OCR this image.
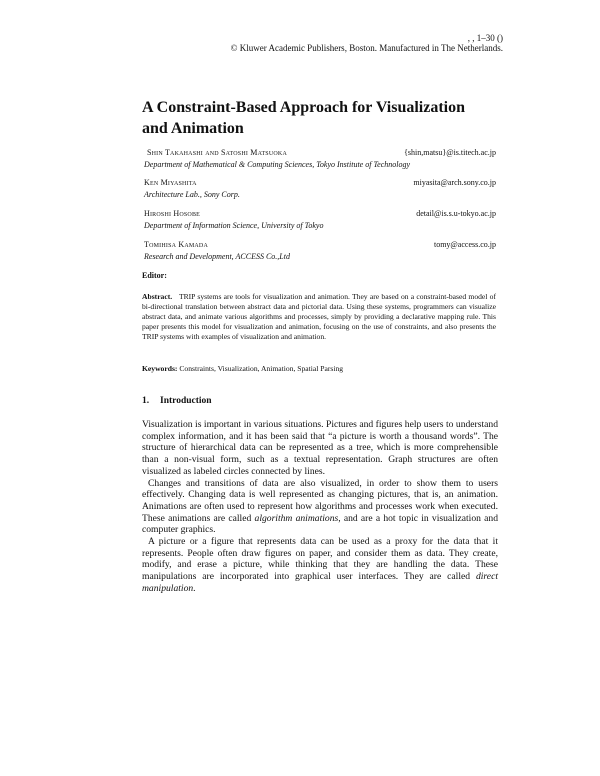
, , 1–30 ()
© Kluwer Academic Publishers, Boston. Manufactured in The Netherlands.
A Constraint-Based Approach for Visualization and Animation
Shin Takahashi and Satoshi Matsuoka	{shin,matsu}@is.titech.ac.jp
Department of Mathematical & Computing Sciences, Tokyo Institute of Technology
Ken Miyashita	miyasita@arch.sony.co.jp
Architecture Lab., Sony Corp.
Hiroshi Hosobe	detail@is.s.u-tokyo.ac.jp
Department of Information Science, University of Tokyo
Tomihisa Kamada	tomy@access.co.jp
Research and Development, ACCESS Co.,Ltd
Editor:
Abstract. TRIP systems are tools for visualization and animation. They are based on a constraint-based model of bi-directional translation between abstract data and pictorial data. Using these systems, programmers can visualize abstract data, and animate various algorithms and processes, simply by providing a declarative mapping rule. This paper presents this model for visualization and animation, focusing on the use of constraints, and also presents the TRIP systems with examples of visualization and animation.
Keywords: Constraints, Visualization, Animation, Spatial Parsing
1. Introduction

Visualization is important in various situations. Pictures and figures help users to understand complex information, and it has been said that “a picture is worth a thousand words”. The structure of hierarchical data can be represented as a tree, which is more comprehensible than a non-visual form, such as a textual representation. Graph structures are often visualized as labeled circles connected by lines.

Changes and transitions of data are also visualized, in order to show them to users effectively. Changing data is well represented as changing pictures, that is, an animation. Animations are often used to represent how algorithms and processes work when executed. These animations are called algorithm animations, and are a hot topic in visualization and computer graphics.

A picture or a figure that represents data can be used as a proxy for the data that it represents. People often draw figures on paper, and consider them as data. They create, modify, and erase a picture, while thinking that they are handling the data. These manipulations are incorporated into graphical user interfaces. They are called direct manipulation.
